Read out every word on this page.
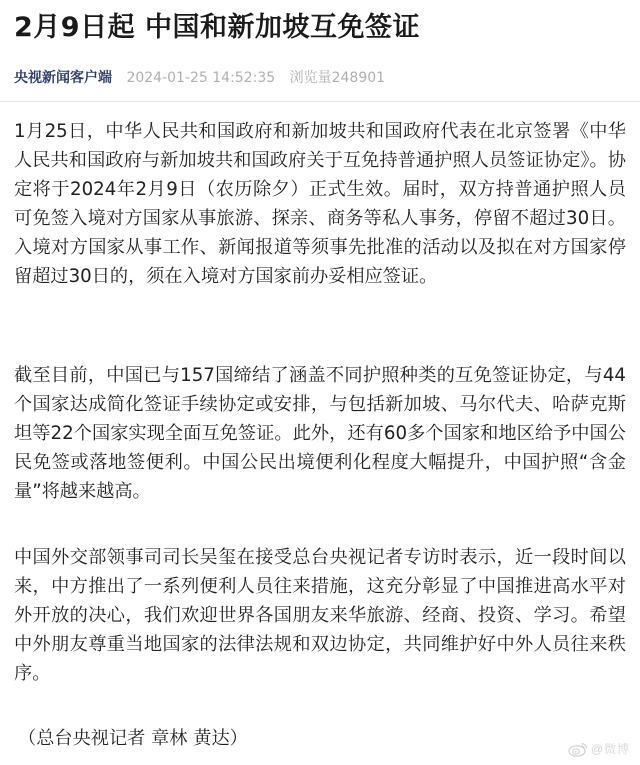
2月9日起 中国和新加坡互免签证
央视新闻客户端 2024-01-25 14:52:35 浏览量248901

1月25日，中华人民共和国政府和新加坡共和国政府代表在北京签署《中华人民共和国政府与新加坡共和国政府关于互免持普通护照人员签证协定》。协定将于2024年2月9日（农历除夕）正式生效。届时，双方持普通护照人员可免签入境对方国家从事旅游、探亲、商务等私人事务，停留不超过30日。入境对方国家从事工作、新闻报道等须事先批准的活动以及拟在对方国家停留超过30日的，须在入境对方国家前办妥相应签证。

截至目前，中国已与157国缔结了涵盖不同护照种类的互免签证协定，与44个国家达成简化签证手续协定或安排，与包括新加坡、马尔代夫、哈萨克斯坦等22个国家实现全面互免签证。此外，还有60多个国家和地区给予中国公民免签或落地签便利。中国公民出境便利化程度大幅提升，中国护照“含金量”将越来越高。

中国外交部领事司司长吴玺在接受总台央视记者专访时表示，近一段时间以来，中方推出了一系列便利人员往来措施，这充分彰显了中国推进高水平对外开放的决心，我们欢迎世界各国朋友来华旅游、经商、投资、学习。希望中外朋友尊重当地国家的法律法规和双边协定，共同维护好中外人员往来秩序。

（总台央视记者 章林 黄达）	@微博
